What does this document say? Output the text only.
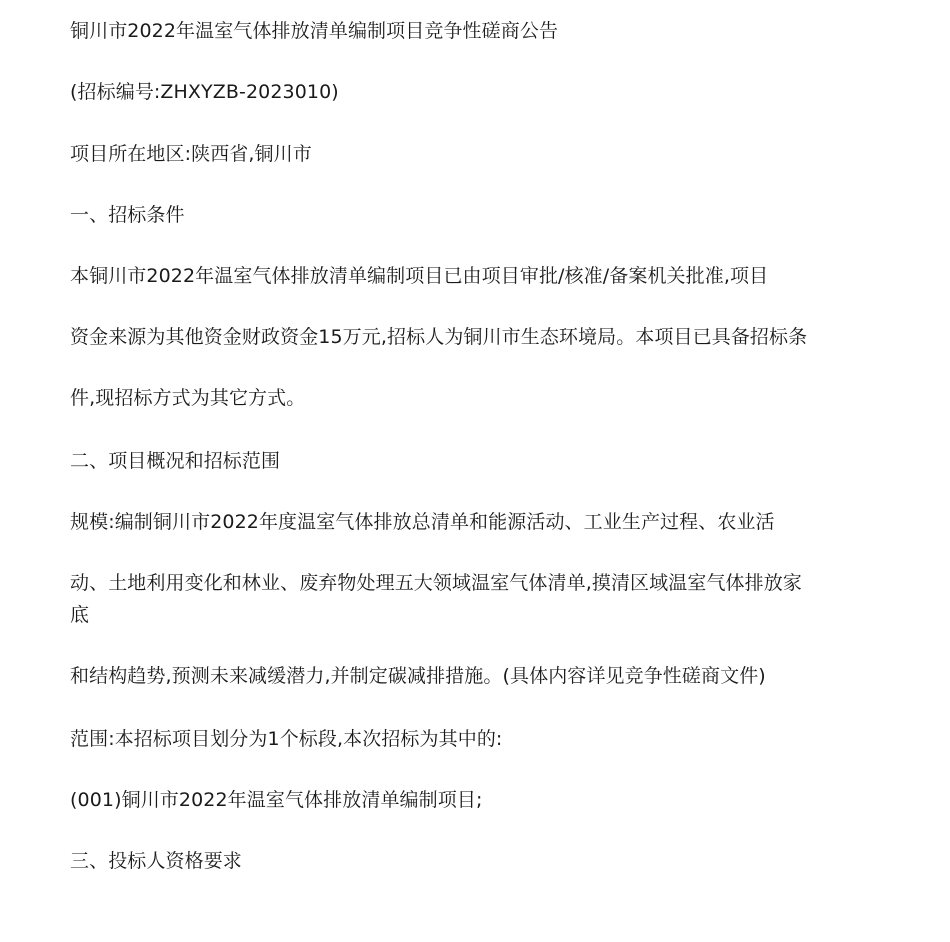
铜川市2022年温室气体排放清单编制项目竞争性磋商公告
(招标编号:ZHXYZB-2023010)
项目所在地区:陕西省,铜川市
一、招标条件
本铜川市2022年温室气体排放清单编制项目已由项目审批/核准/备案机关批准,项目
资金来源为其他资金财政资金15万元,招标人为铜川市生态环境局。本项目已具备招标条
件,现招标方式为其它方式。
二、项目概况和招标范围
规模:编制铜川市2022年度温室气体排放总清单和能源活动、工业生产过程、农业活
动、土地利用变化和林业、废弃物处理五大领域温室气体清单,摸清区域温室气体排放家
底
和结构趋势,预测未来减缓潜力,并制定碳减排措施。(具体内容详见竞争性磋商文件)
范围:本招标项目划分为1个标段,本次招标为其中的:
(001)铜川市2022年温室气体排放清单编制项目;
三、投标人资格要求
